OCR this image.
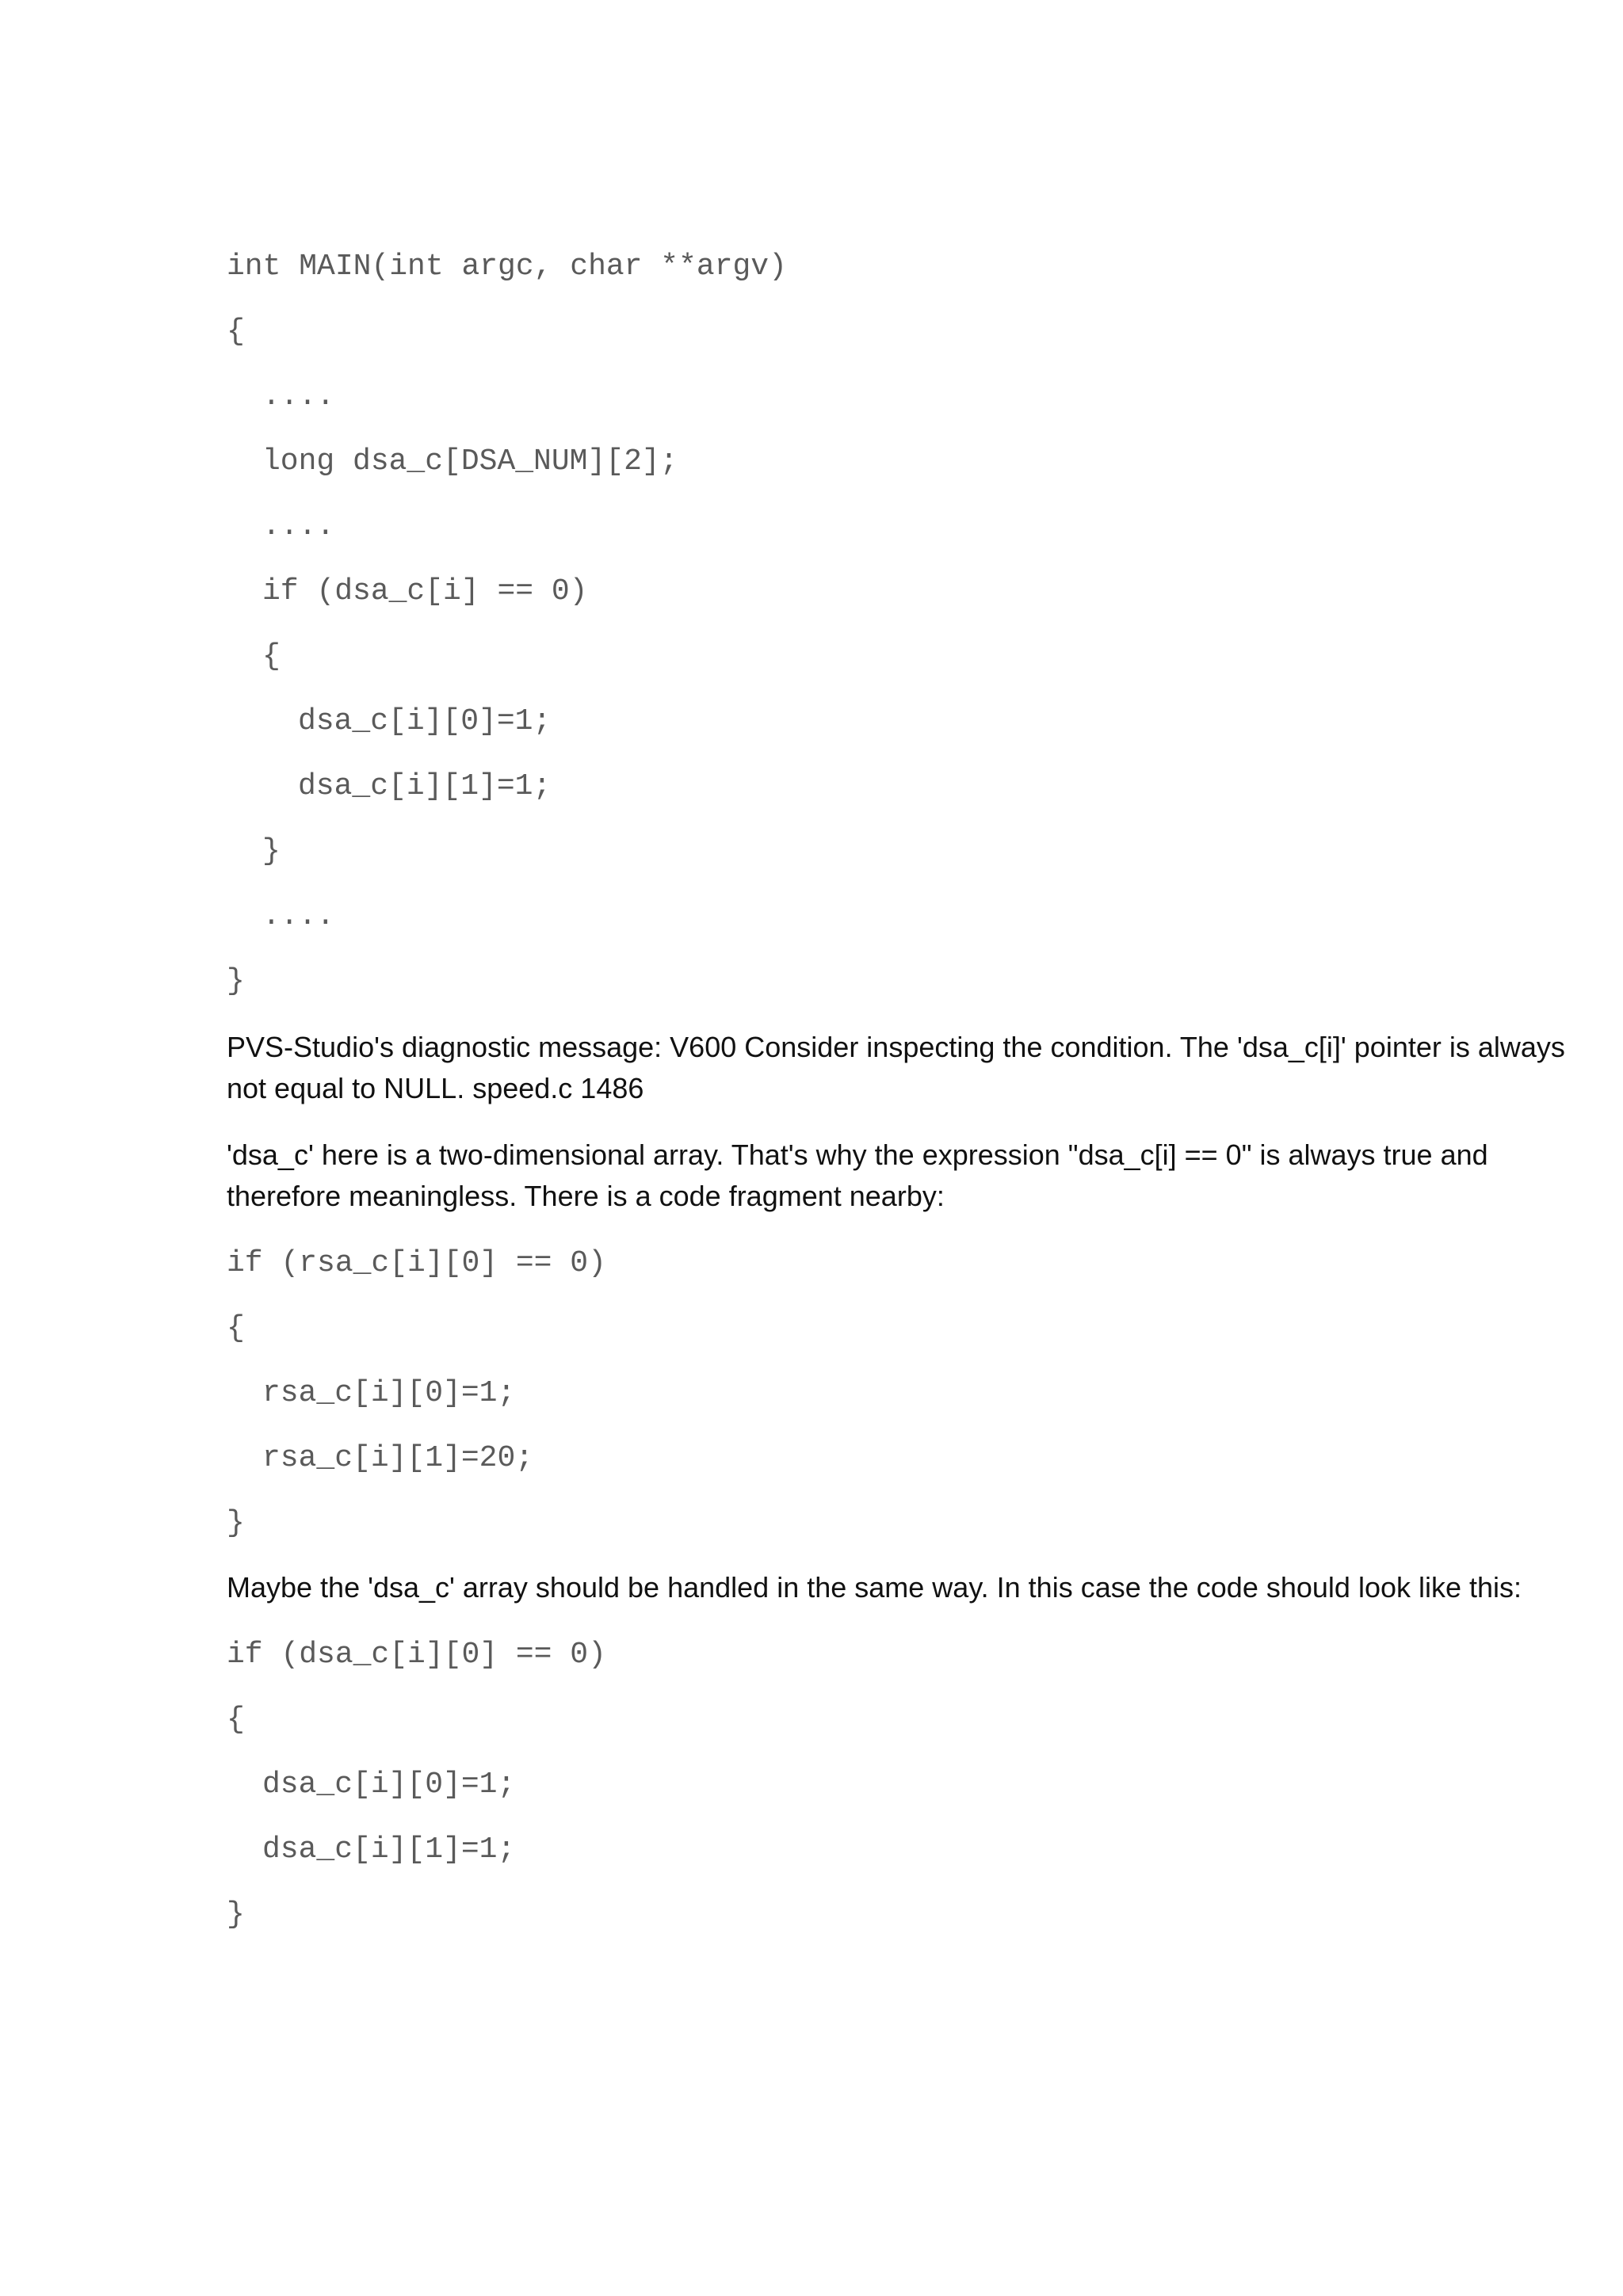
int MAIN(int argc, char **argv)
{
....
long dsa_c[DSA_NUM][2];
....
if (dsa_c[i] == 0)
{
dsa_c[i][0]=1;
dsa_c[i][1]=1;
}
....
}
PVS-Studio's diagnostic message: V600 Consider inspecting the condition. The 'dsa_c[i]' pointer is always
not equal to NULL. speed.c 1486
'dsa_c' here is a two-dimensional array. That's why the expression "dsa_c[i] == 0" is always true and
therefore meaningless. There is a code fragment nearby:
if (rsa_c[i][0] == 0)
{
rsa_c[i][0]=1;
rsa_c[i][1]=20;
}
Maybe the 'dsa_c' array should be handled in the same way. In this case the code should look like this:
if (dsa_c[i][0] == 0)
{
dsa_c[i][0]=1;
dsa_c[i][1]=1;
}
